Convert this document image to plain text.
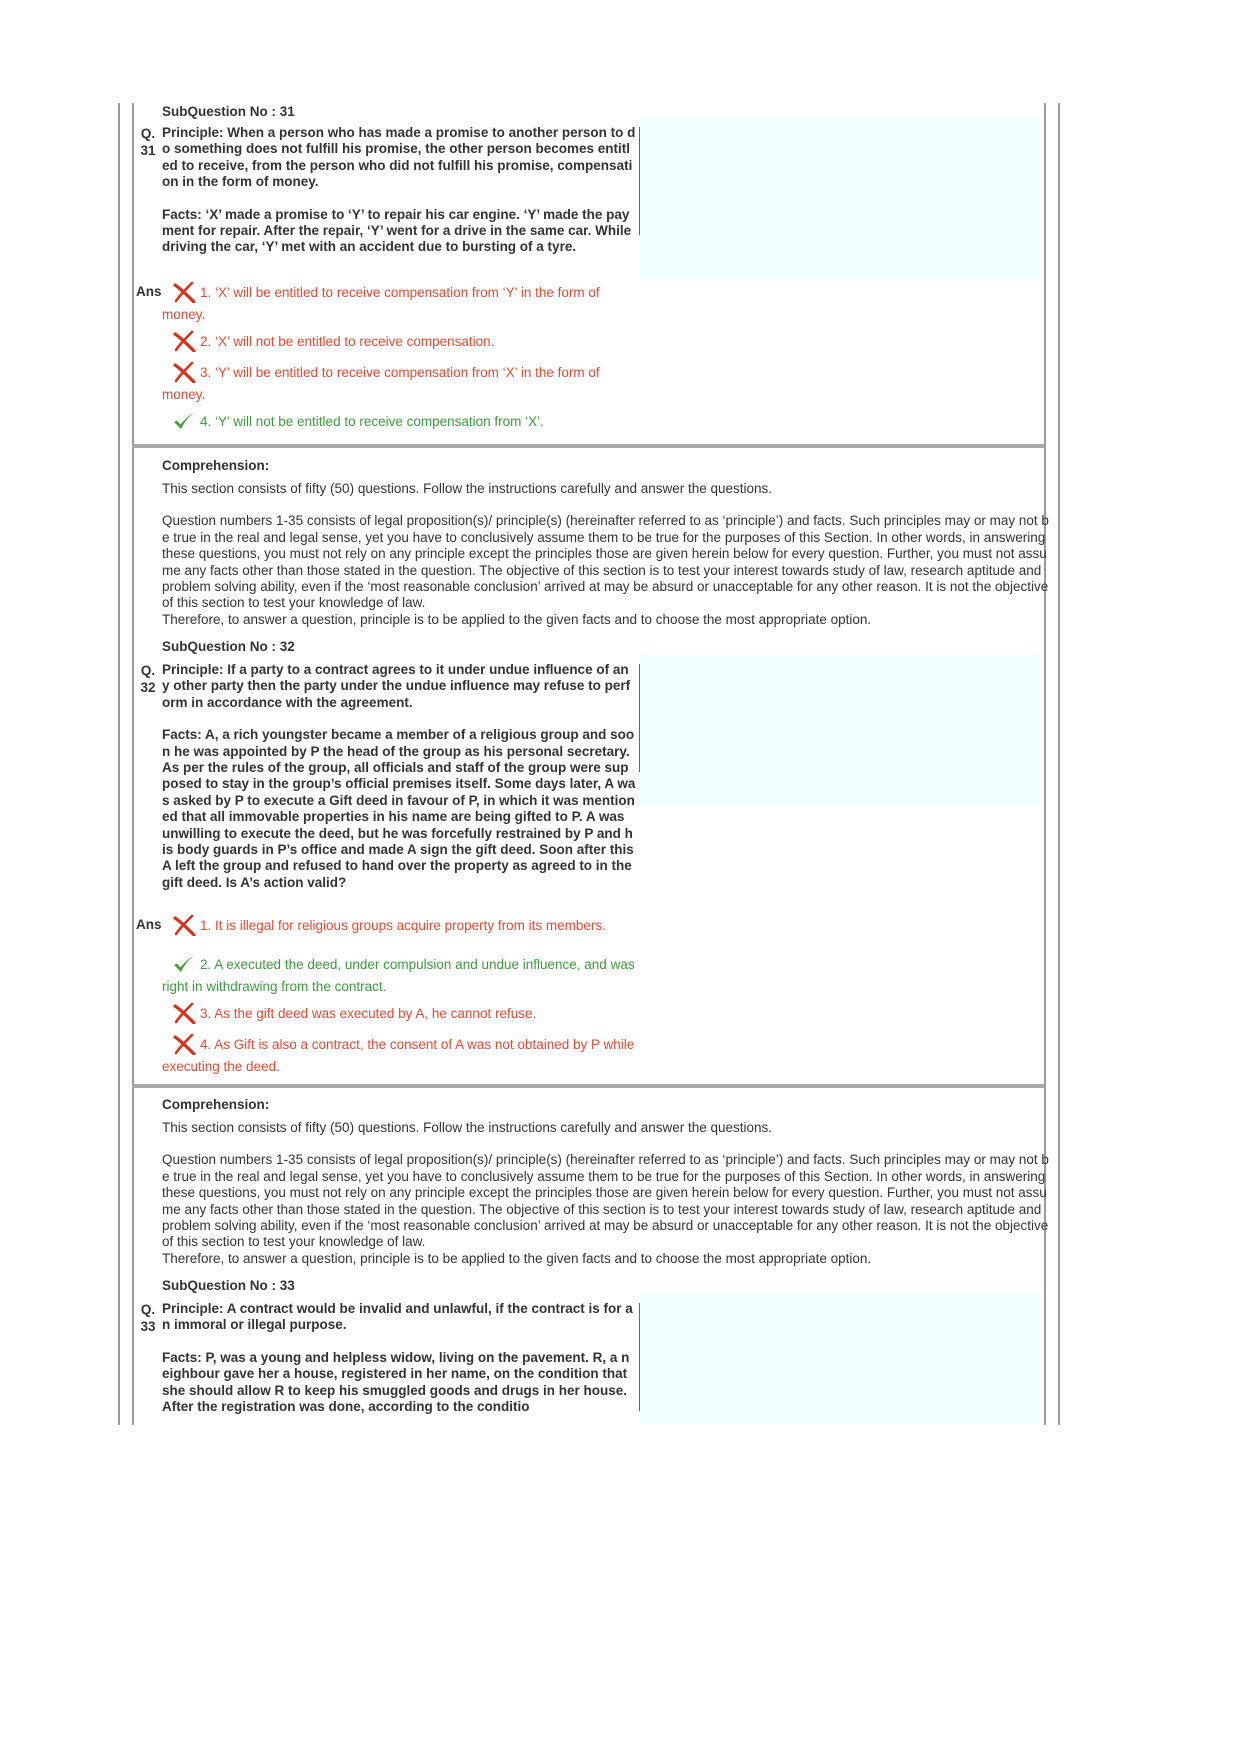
SubQuestion No : 31
Q.
31

Principle: When a person who has made a promise to another person to do something does not fulfill his promise, the other person becomes entitled to receive, from the person who did not fulfill his promise, compensation in the form of money.

Facts: ‘X’ made a promise to ‘Y’ to repair his car engine. ‘Y’ made the payment for repair. After the repair, ‘Y’ went for a drive in the same car. While driving the car, ‘Y’ met with an accident due to bursting of a tyre.

Ans	1. ‘X’ will be entitled to receive compensation from ‘Y’ in the form of money.
2. ‘X’ will not be entitled to receive compensation.
3. ‘Y’ will be entitled to receive compensation from ‘X’ in the form of money.
4. ‘Y’ will not be entitled to receive compensation from ‘X’.
Comprehension:

This section consists of fifty (50) questions. Follow the instructions carefully and answer the questions.

Question numbers 1-35 consists of legal proposition(s)/ principle(s) (hereinafter referred to as ‘principle’) and facts. Such principles may or may not be true in the real and legal sense, yet you have to conclusively assume them to be true for the purposes of this Section. In other words, in answering these questions, you must not rely on any principle except the principles those are given herein below for every question. Further, you must not assume any facts other than those stated in the question. The objective of this section is to test your interest towards study of law, research aptitude and problem solving ability, even if the ‘most reasonable conclusion’ arrived at may be absurd or unacceptable for any other reason. It is not the objective of this section to test your knowledge of law.

Therefore, to answer a question, principle is to be applied to the given facts and to choose the most appropriate option.

SubQuestion No : 32
Q.
32

Principle: If a party to a contract agrees to it under undue influence of any other party then the party under the undue influence may refuse to perform in accordance with the agreement.

Facts: A, a rich youngster became a member of a religious group and soon he was appointed by P the head of the group as his personal secretary. As per the rules of the group, all officials and staff of the group were supposed to stay in the group’s official premises itself. Some days later, A was asked by P to execute a Gift deed in favour of P, in which it was mentioned that all immovable properties in his name are being gifted to P. A was unwilling to execute the deed, but he was forcefully restrained by P and his body guards in P’s office and made A sign the gift deed. Soon after this A left the group and refused to hand over the property as agreed to in the gift deed. Is A’s action valid?

Ans	1. It is illegal for religious groups acquire property from its members.
2. A executed the deed, under compulsion and undue influence, and was right in withdrawing from the contract.
3. As the gift deed was executed by A, he cannot refuse.
4. As Gift is also a contract, the consent of A was not obtained by P while executing the deed.
Comprehension:

This section consists of fifty (50) questions. Follow the instructions carefully and answer the questions.

Question numbers 1-35 consists of legal proposition(s)/ principle(s) (hereinafter referred to as ‘principle’) and facts. Such principles may or may not be true in the real and legal sense, yet you have to conclusively assume them to be true for the purposes of this Section. In other words, in answering these questions, you must not rely on any principle except the principles those are given herein below for every question. Further, you must not assume any facts other than those stated in the question. The objective of this section is to test your interest towards study of law, research aptitude and problem solving ability, even if the ‘most reasonable conclusion’ arrived at may be absurd or unacceptable for any other reason. It is not the objective of this section to test your knowledge of law.

Therefore, to answer a question, principle is to be applied to the given facts and to choose the most appropriate option.

SubQuestion No : 33
Q.
33

Principle: A contract would be invalid and unlawful, if the contract is for an immoral or illegal purpose.

Facts: P, was a young and helpless widow, living on the pavement. R, a neighbour gave her a house, registered in her name, on the condition that she should allow R to keep his smuggled goods and drugs in her house. After the registration was done, according to the conditio
